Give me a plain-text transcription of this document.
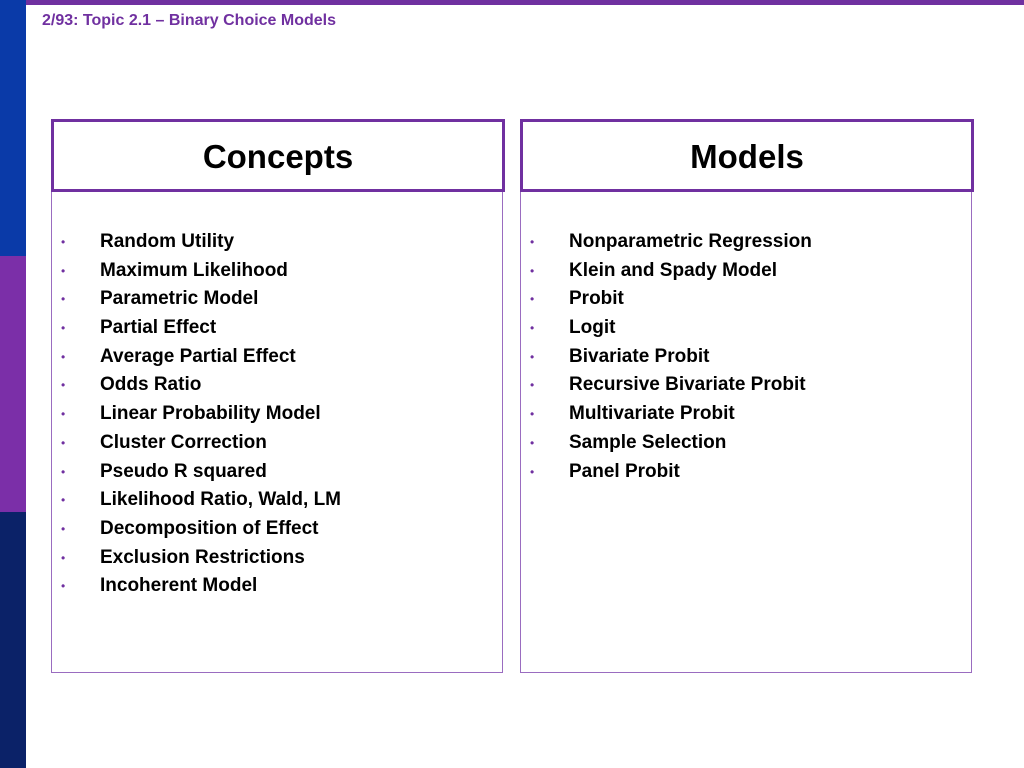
2/93: Topic 2.1 – Binary Choice Models
Concepts
• Random Utility
• Maximum Likelihood
• Parametric Model
• Partial Effect
• Average Partial Effect
• Odds Ratio
• Linear Probability Model
• Cluster Correction
• Pseudo R squared
• Likelihood Ratio, Wald, LM
• Decomposition of Effect
• Exclusion Restrictions
• Incoherent Model
Models
• Nonparametric Regression
• Klein and Spady Model
• Probit
• Logit
• Bivariate Probit
• Recursive Bivariate Probit
• Multivariate Probit
• Sample Selection
• Panel Probit
